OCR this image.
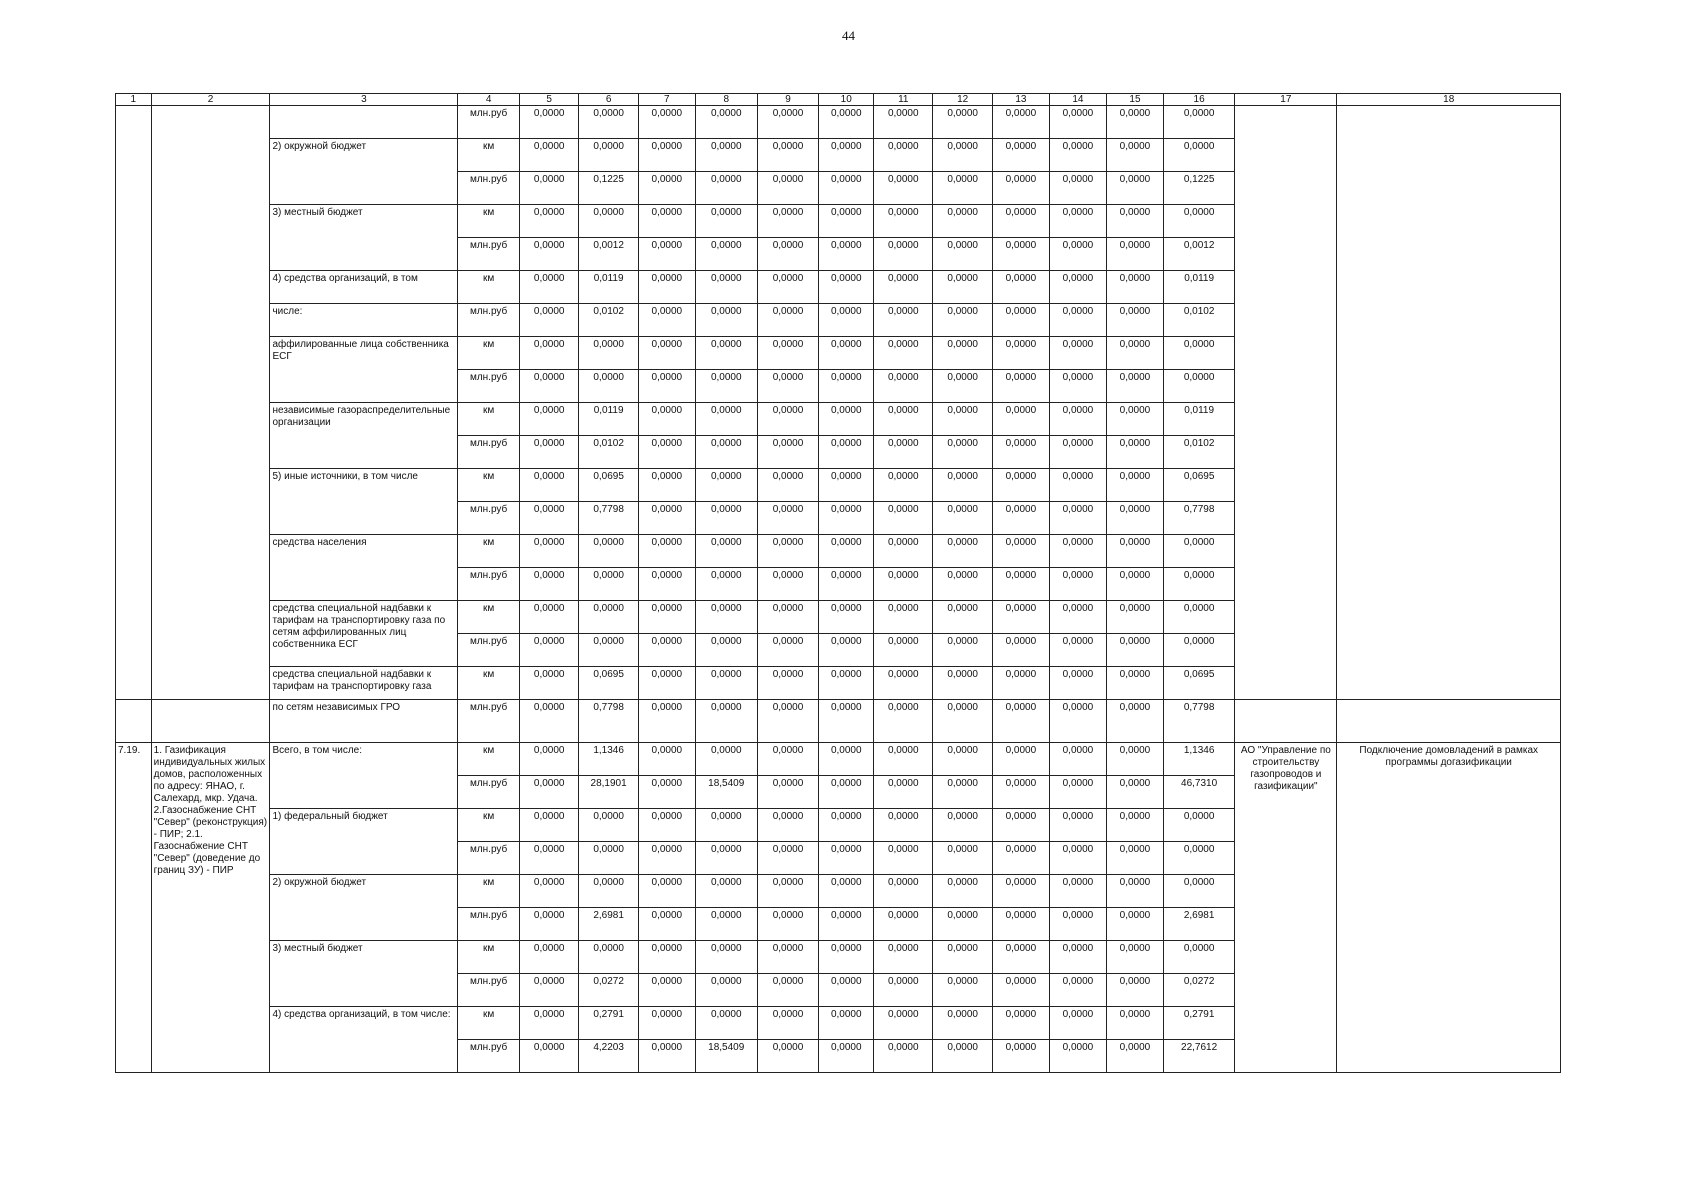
44
1	2	3	4	5	6	7	8	9	10	11	12	13	14	15	16	17	18
			млн.руб	0,0000	0,0000	0,0000	0,0000	0,0000	0,0000	0,0000	0,0000	0,0000	0,0000	0,0000	0,0000		
		2) окружной бюджет	км	0,0000	0,0000	0,0000	0,0000	0,0000	0,0000	0,0000	0,0000	0,0000	0,0000	0,0000	0,0000		
			млн.руб	0,0000	0,1225	0,0000	0,0000	0,0000	0,0000	0,0000	0,0000	0,0000	0,0000	0,0000	0,1225		
		3) местный бюджет	км	0,0000	0,0000	0,0000	0,0000	0,0000	0,0000	0,0000	0,0000	0,0000	0,0000	0,0000	0,0000		
			млн.руб	0,0000	0,0012	0,0000	0,0000	0,0000	0,0000	0,0000	0,0000	0,0000	0,0000	0,0000	0,0012		
		4) средства организаций, в том	км	0,0000	0,0119	0,0000	0,0000	0,0000	0,0000	0,0000	0,0000	0,0000	0,0000	0,0000	0,0119		
		числе:	млн.руб	0,0000	0,0102	0,0000	0,0000	0,0000	0,0000	0,0000	0,0000	0,0000	0,0000	0,0000	0,0102		
		аффилированные лица собственника ЕСГ	км	0,0000	0,0000	0,0000	0,0000	0,0000	0,0000	0,0000	0,0000	0,0000	0,0000	0,0000	0,0000		
			млн.руб	0,0000	0,0000	0,0000	0,0000	0,0000	0,0000	0,0000	0,0000	0,0000	0,0000	0,0000	0,0000		
		независимые газораспределительные организации	км	0,0000	0,0119	0,0000	0,0000	0,0000	0,0000	0,0000	0,0000	0,0000	0,0000	0,0000	0,0119		
			млн.руб	0,0000	0,0102	0,0000	0,0000	0,0000	0,0000	0,0000	0,0000	0,0000	0,0000	0,0000	0,0102		
		5) иные источники, в том числе	км	0,0000	0,0695	0,0000	0,0000	0,0000	0,0000	0,0000	0,0000	0,0000	0,0000	0,0000	0,0695		
			млн.руб	0,0000	0,7798	0,0000	0,0000	0,0000	0,0000	0,0000	0,0000	0,0000	0,0000	0,0000	0,7798		
		средства населения	км	0,0000	0,0000	0,0000	0,0000	0,0000	0,0000	0,0000	0,0000	0,0000	0,0000	0,0000	0,0000		
			млн.руб	0,0000	0,0000	0,0000	0,0000	0,0000	0,0000	0,0000	0,0000	0,0000	0,0000	0,0000	0,0000		
		средства специальной надбавки к тарифам на транспортировку газа по сетям аффилированных лиц собственника ЕСГ	км	0,0000	0,0000	0,0000	0,0000	0,0000	0,0000	0,0000	0,0000	0,0000	0,0000	0,0000	0,0000		
			млн.руб	0,0000	0,0000	0,0000	0,0000	0,0000	0,0000	0,0000	0,0000	0,0000	0,0000	0,0000	0,0000		
		средства специальной надбавки к тарифам на транспортировку газа	км	0,0000	0,0695	0,0000	0,0000	0,0000	0,0000	0,0000	0,0000	0,0000	0,0000	0,0000	0,0695		
		по сетям независимых ГРО	млн.руб	0,0000	0,7798	0,0000	0,0000	0,0000	0,0000	0,0000	0,0000	0,0000	0,0000	0,0000	0,7798		
7.19.	1. Газификация индивидуальных жилых домов, расположенных по адресу: ЯНАО, г. Салехард, мкр. Удача. 2.Газоснабжение СНТ "Север" (реконструкция) - ПИР; 2.1. Газоснабжение СНТ "Север" (доведение до границ ЗУ) - ПИР	Всего, в том числе:	км	0,0000	1,1346	0,0000	0,0000	0,0000	0,0000	0,0000	0,0000	0,0000	0,0000	0,0000	1,1346	АО "Управление по строительству газопроводов и газификации"	Подключение домовладений в рамках программы догазификации
			млн.руб	0,0000	28,1901	0,0000	18,5409	0,0000	0,0000	0,0000	0,0000	0,0000	0,0000	0,0000	46,7310		
		1) федеральный бюджет	км	0,0000	0,0000	0,0000	0,0000	0,0000	0,0000	0,0000	0,0000	0,0000	0,0000	0,0000	0,0000		
			млн.руб	0,0000	0,0000	0,0000	0,0000	0,0000	0,0000	0,0000	0,0000	0,0000	0,0000	0,0000	0,0000		
		2) окружной бюджет	км	0,0000	0,0000	0,0000	0,0000	0,0000	0,0000	0,0000	0,0000	0,0000	0,0000	0,0000	0,0000		
			млн.руб	0,0000	2,6981	0,0000	0,0000	0,0000	0,0000	0,0000	0,0000	0,0000	0,0000	0,0000	2,6981		
		3) местный бюджет	км	0,0000	0,0000	0,0000	0,0000	0,0000	0,0000	0,0000	0,0000	0,0000	0,0000	0,0000	0,0000		
			млн.руб	0,0000	0,0272	0,0000	0,0000	0,0000	0,0000	0,0000	0,0000	0,0000	0,0000	0,0000	0,0272		
		4) средства организаций, в том числе:	км	0,0000	0,2791	0,0000	0,0000	0,0000	0,0000	0,0000	0,0000	0,0000	0,0000	0,0000	0,2791		
			млн.руб	0,0000	4,2203	0,0000	18,5409	0,0000	0,0000	0,0000	0,0000	0,0000	0,0000	0,0000	22,7612		
